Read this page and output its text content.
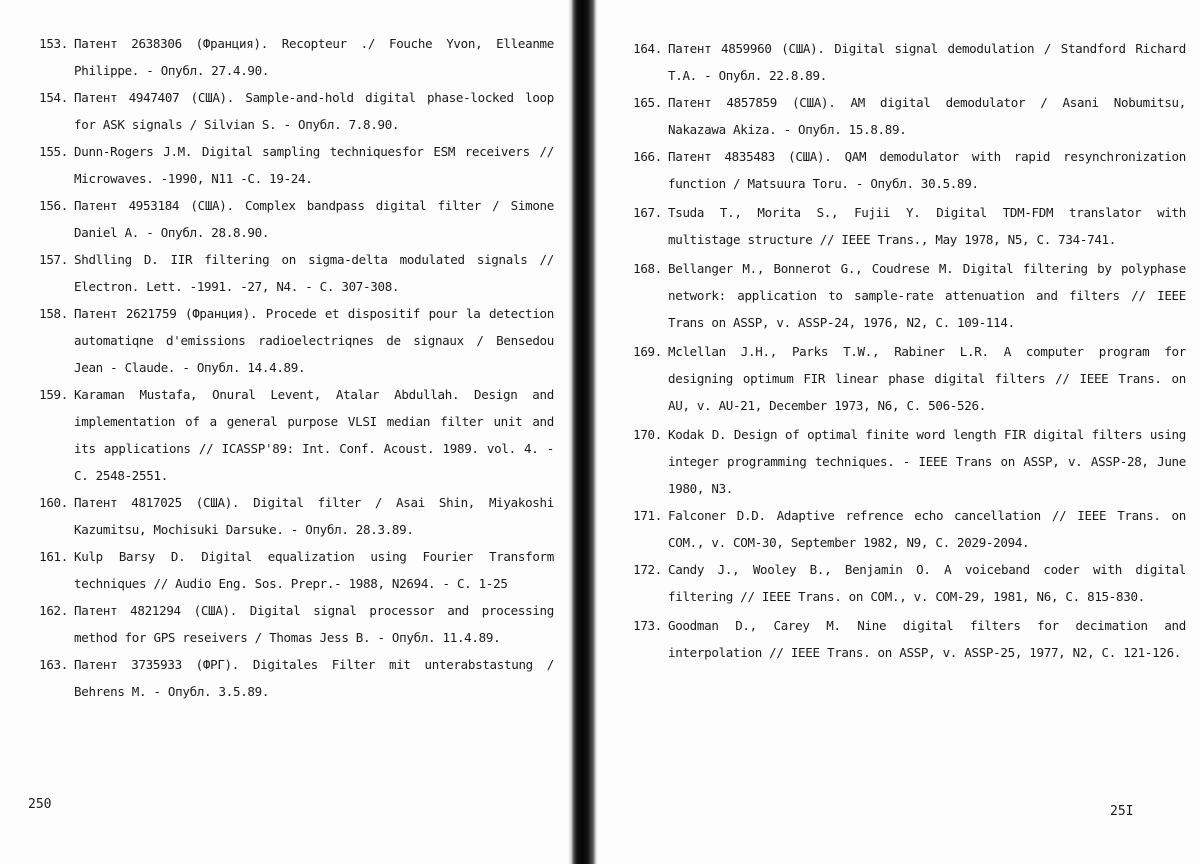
153. Патент 2638306 (Франция). Recopteur ./ Fouche Yvon, Elleanme Philippe. - Опубл. 27.4.90.
154. Патент 4947407 (США). Sample-and-hold digital phase-locked loop for ASK signals / Silvian S. - Опубл. 7.8.90.
155. Dunn-Rogers J.M. Digital sampling techniquesfor ESM receivers // Microwaves. -1990, N11 -C. 19-24.
156. Патент 4953184 (США). Complex bandpass digital filter / Simone Daniel A. - Опубл. 28.8.90.
157. Shdlling D. IIR filtering on sigma-delta modulated signals // Electron. Lett. -1991. -27, N4. - C. 307-308.
158. Патент 2621759 (Франция). Procede et dispositif pour la detection automatiqne d'emissions radioelectriqnes de signaux / Bensedou Jean - Claude. - Опубл. 14.4.89.
159. Karaman Mustafa, Onural Levent, Atalar Abdullah. Design and implementation of a general purpose VLSI median filter unit and its applications // ICASSP'89: Int. Conf. Acoust. 1989. vol. 4. - C. 2548-2551.
160. Патент 4817025 (США). Digital filter / Asai Shin, Miyakoshi Kazumitsu, Mochisuki Darsuke. - Опубл. 28.3.89.
161. Kulp Barsy D. Digital equalization using Fourier Transform techniques // Audio Eng. Sos. Prepr.- 1988, N2694. - C. 1-25
162. Патент 4821294 (США). Digital signal processor and processing method for GPS reseivers / Thomas Jess B. - Опубл. 11.4.89.
163. Патент 3735933 (ФРГ). Digitales Filter mit unterabstastung / Behrens M. - Опубл. 3.5.89.
250
164. Патент 4859960 (США). Digital signal demodulation / Standford Richard T.A. - Опубл. 22.8.89.
165. Патент 4857859 (США). AM digital demodulator / Asani Nobumitsu, Nakazawa Akiza. - Опубл. 15.8.89.
166. Патент 4835483 (США). QAM demodulator with rapid resynchronization function / Matsuura Toru. - Опубл. 30.5.89.
167. Tsuda T., Morita S., Fujii Y. Digital TDM-FDM translator with multistage structure // IEEE Trans., May 1978, N5, C. 734-741.
168. Bellanger M., Bonnerot G., Coudrese M. Digital filtering by polyphase network: application to sample-rate attenuation and filters // IEEE Trans on ASSP, v. ASSP-24, 1976, N2, C. 109-114.
169. Mclellan J.H., Parks T.W., Rabiner L.R. A computer program for designing optimum FIR linear phase digital filters // IEEE Trans. on AU, v. AU-21, December 1973, N6, C. 506-526.
170. Kodak D. Design of optimal finite word length FIR digital filters using integer programming techniques. - IEEE Trans on ASSP, v. ASSP-28, June 1980, N3.
171. Falconer D.D. Adaptive refrence echo cancellation // IEEE Trans. on COM., v. COM-30, September 1982, N9, C. 2029-2094.
172. Candy J., Wooley B., Benjamin O. A voiceband coder with digital filtering // IEEE Trans. on COM., v. COM-29, 1981, N6, C. 815-830.
173. Goodman D., Carey M. Nine digital filters for decimation and interpolation // IEEE Trans. on ASSP, v. ASSP-25, 1977, N2, C. 121-126.
25I
